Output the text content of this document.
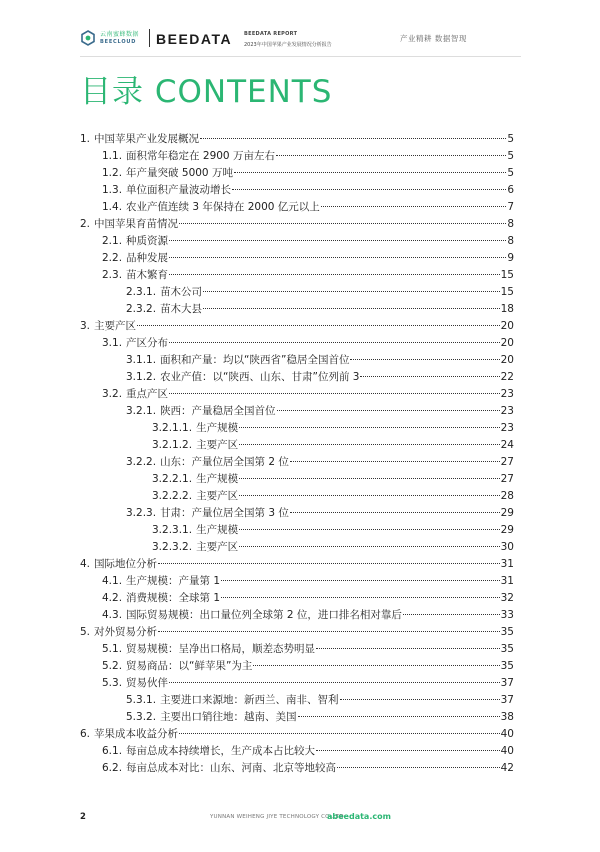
云南蜜蜂数据
BEECLOUD BEEDATA BEEDATA REPORT
2023年中国苹果产业发展情况分析报告
产业精耕 数据智现
目录 CONTENTS
1. 中国苹果产业发展概况	5
1.1. 面积常年稳定在 2900 万亩左右	5
1.2. 年产量突破 5000 万吨	5
1.3. 单位面积产量波动增长	6
1.4. 农业产值连续 3 年保持在 2000 亿元以上	7
2. 中国苹果育苗情况	8
2.1. 种质资源	8
2.2. 品种发展	9
2.3. 苗木繁育	15
2.3.1. 苗木公司	15
2.3.2. 苗木大县	18
3. 主要产区	20
3.1. 产区分布	20
3.1.1. 面积和产量：均以“陕西省”稳居全国首位	20
3.1.2. 农业产值：以“陕西、山东、甘肃”位列前 3	22
3.2. 重点产区	23
3.2.1. 陕西：产量稳居全国首位	23
3.2.1.1. 生产规模	23
3.2.1.2. 主要产区	24
3.2.2. 山东：产量位居全国第 2 位	27
3.2.2.1. 生产规模	27
3.2.2.2. 主要产区	28
3.2.3. 甘肃：产量位居全国第 3 位	29
3.2.3.1. 生产规模	29
3.2.3.2. 主要产区	30
4. 国际地位分析	31
4.1. 生产规模：产量第 1	31
4.2. 消费规模：全球第 1	32
4.3. 国际贸易规模：出口量位列全球第 2 位，进口排名相对靠后	33
5. 对外贸易分析	35
5.1. 贸易规模：呈净出口格局，顺差态势明显	35
5.2. 贸易商品：以“鲜苹果”为主	35
5.3. 贸易伙伴	37
5.3.1. 主要进口来源地：新西兰、南非、智利	37
5.3.2. 主要出口销往地：越南、美国	38
6. 苹果成本收益分析	40
6.1. 每亩总成本持续增长，生产成本占比较大	40
6.2. 每亩总成本对比：山东、河南、北京等地较高	42
2	YUNNAN WEIHENG JIYE TECHNOLOGY CO.,LTD.
abeedata.com
